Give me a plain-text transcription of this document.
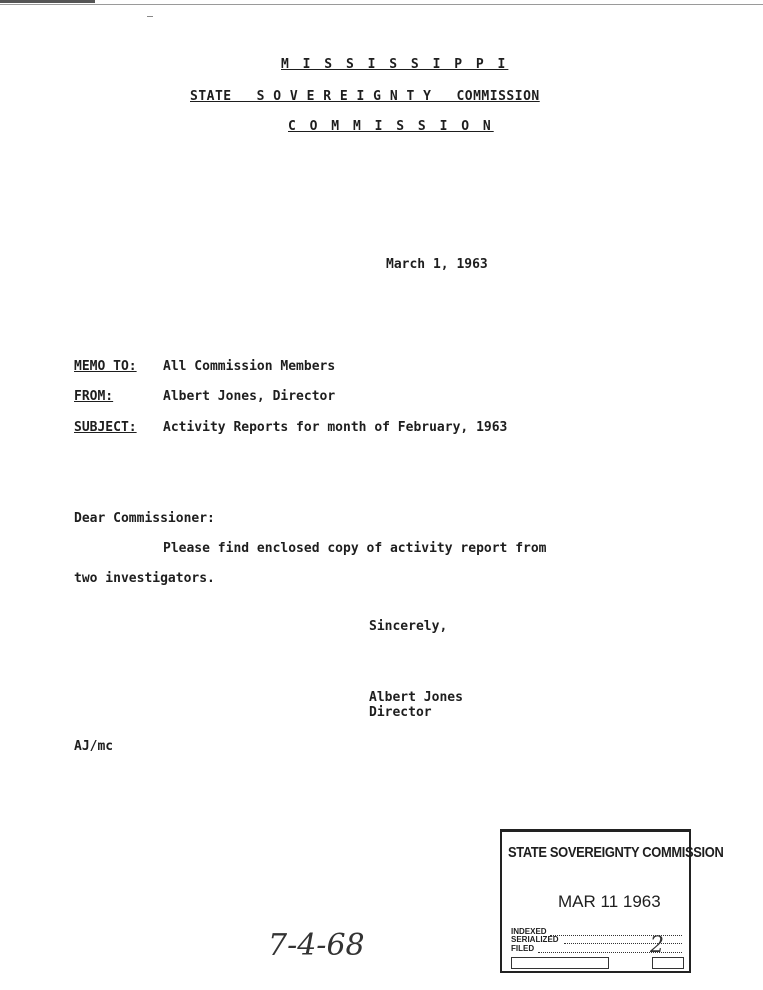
M I S S I S S I P P I
STATE   S O V E R E I G N T Y   COMMISSION
C O M M I S S I O N
March 1, 1963
MEMO TO: All Commission Members
FROM:	Albert Jones, Director
SUBJECT: Activity Reports for month of February, 1963
Dear Commissioner:
Please find enclosed copy of activity report from
two investigators.
Sincerely,
Albert Jones
Director
AJ/mc
STATE SOVEREIGNTY COMMISSION
MAR 11 1963
INDEXED
SERIALIZED
FILED	2
7-4-68
